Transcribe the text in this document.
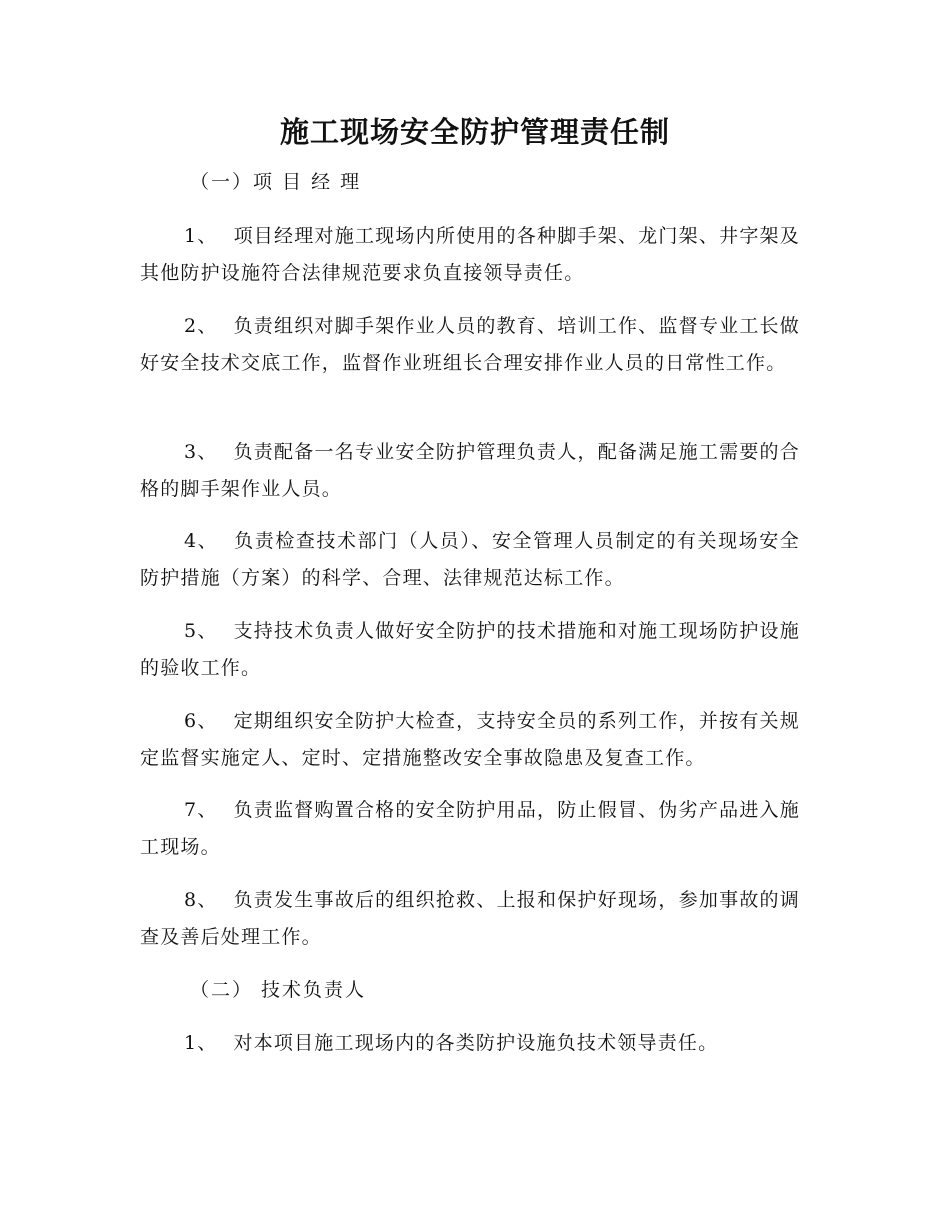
施工现场安全防护管理责任制
（一）项 目 经 理
1、 项目经理对施工现场内所使用的各种脚手架、龙门架、井字架及其他防护设施符合法律规范要求负直接领导责任。
2、 负责组织对脚手架作业人员的教育、培训工作、监督专业工长做好安全技术交底工作，监督作业班组长合理安排作业人员的日常性工作。
3、 负责配备一名专业安全防护管理负责人，配备满足施工需要的合格的脚手架作业人员。
4、 负责检查技术部门（人员）、安全管理人员制定的有关现场安全防护措施（方案）的科学、合理、法律规范达标工作。
5、 支持技术负责人做好安全防护的技术措施和对施工现场防护设施的验收工作。
6、 定期组织安全防护大检查，支持安全员的系列工作，并按有关规定监督实施定人、定时、定措施整改安全事故隐患及复查工作。
7、 负责监督购置合格的安全防护用品，防止假冒、伪劣产品进入施工现场。
8、 负责发生事故后的组织抢救、上报和保护好现场，参加事故的调查及善后处理工作。
（二） 技术负责人
1、 对本项目施工现场内的各类防护设施负技术领导责任。
